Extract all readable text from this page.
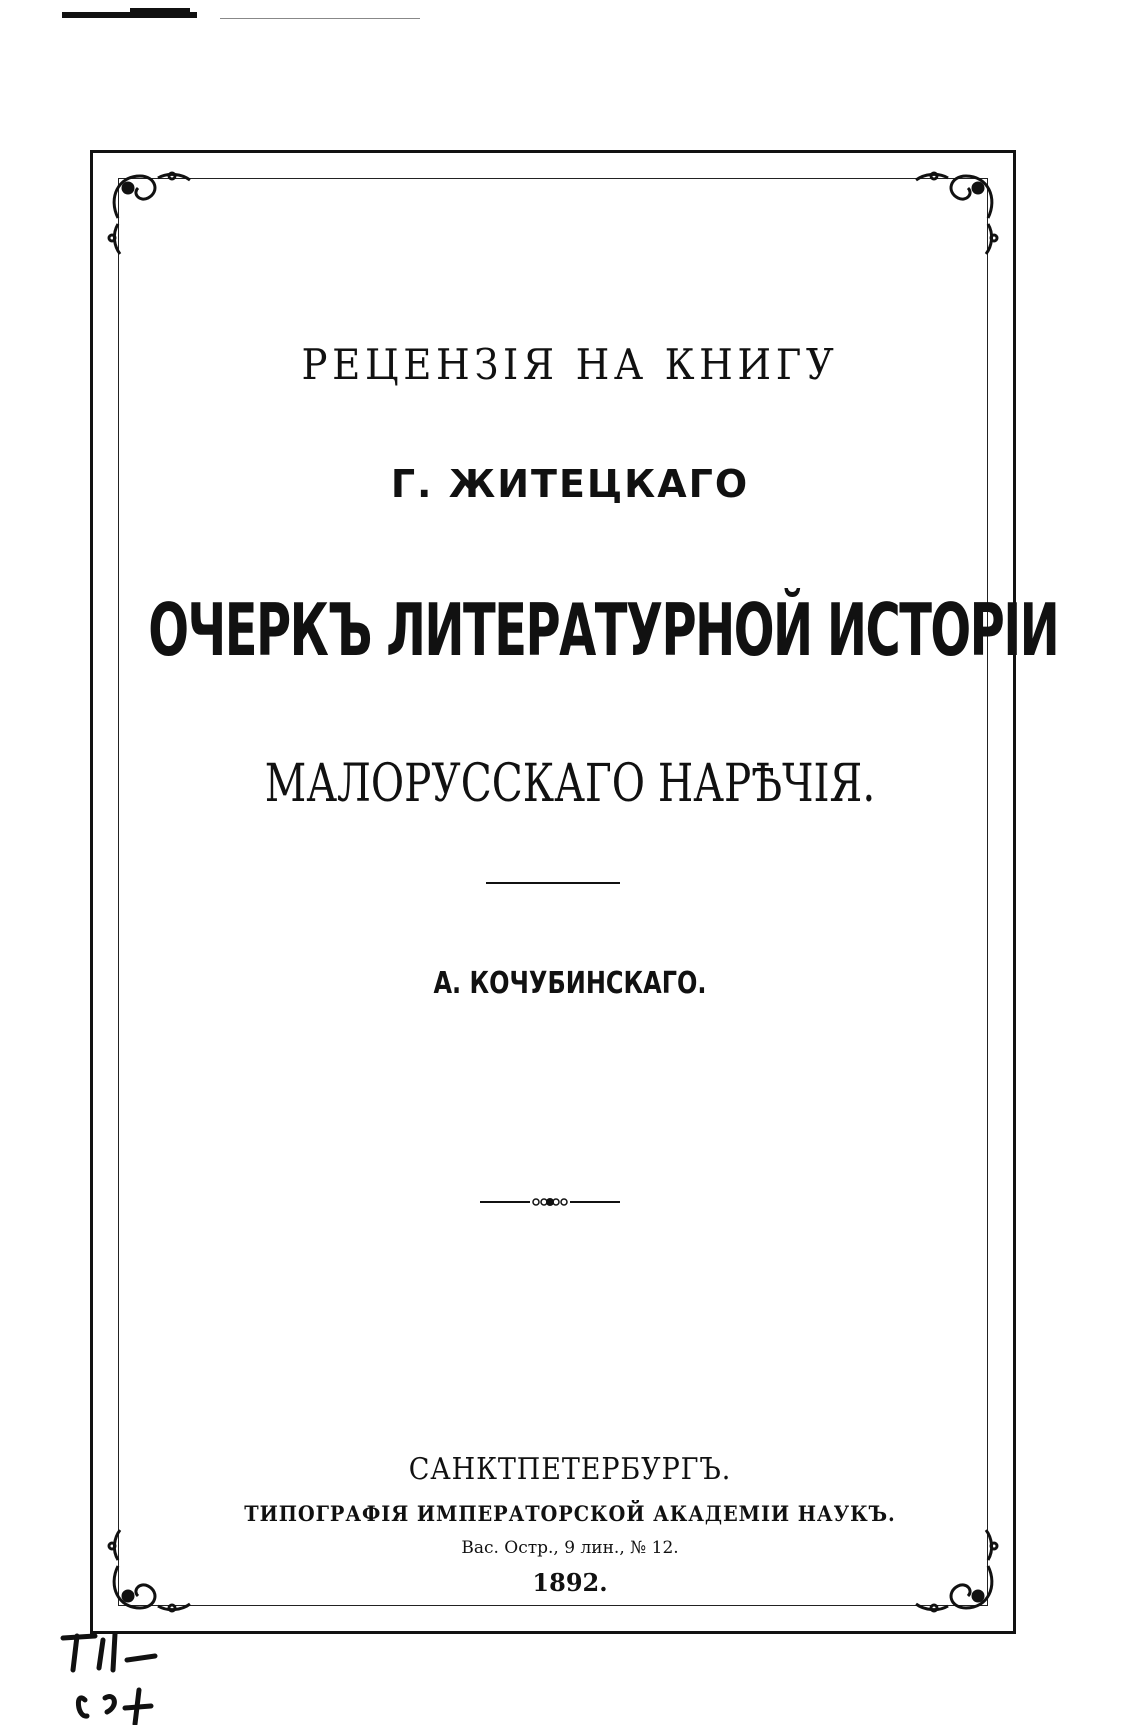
РЕЦЕНЗІЯ НА КНИГУ
Г. ЖИТЕЦКАГО
ОЧЕРКЪ ЛИТЕРАТУРНОЙ ИСТОРІИ
МАЛОРУССКАГО НАРѢЧІЯ.
А. КОЧУБИНСКАГО.
САНКТПЕТЕРБУРГЪ.
ТИПОГРАФІЯ ИМПЕРАТОРСКОЙ АКАДЕМІИ НАУКЪ.
Вас. Остр., 9 лин., № 12.
1892.
